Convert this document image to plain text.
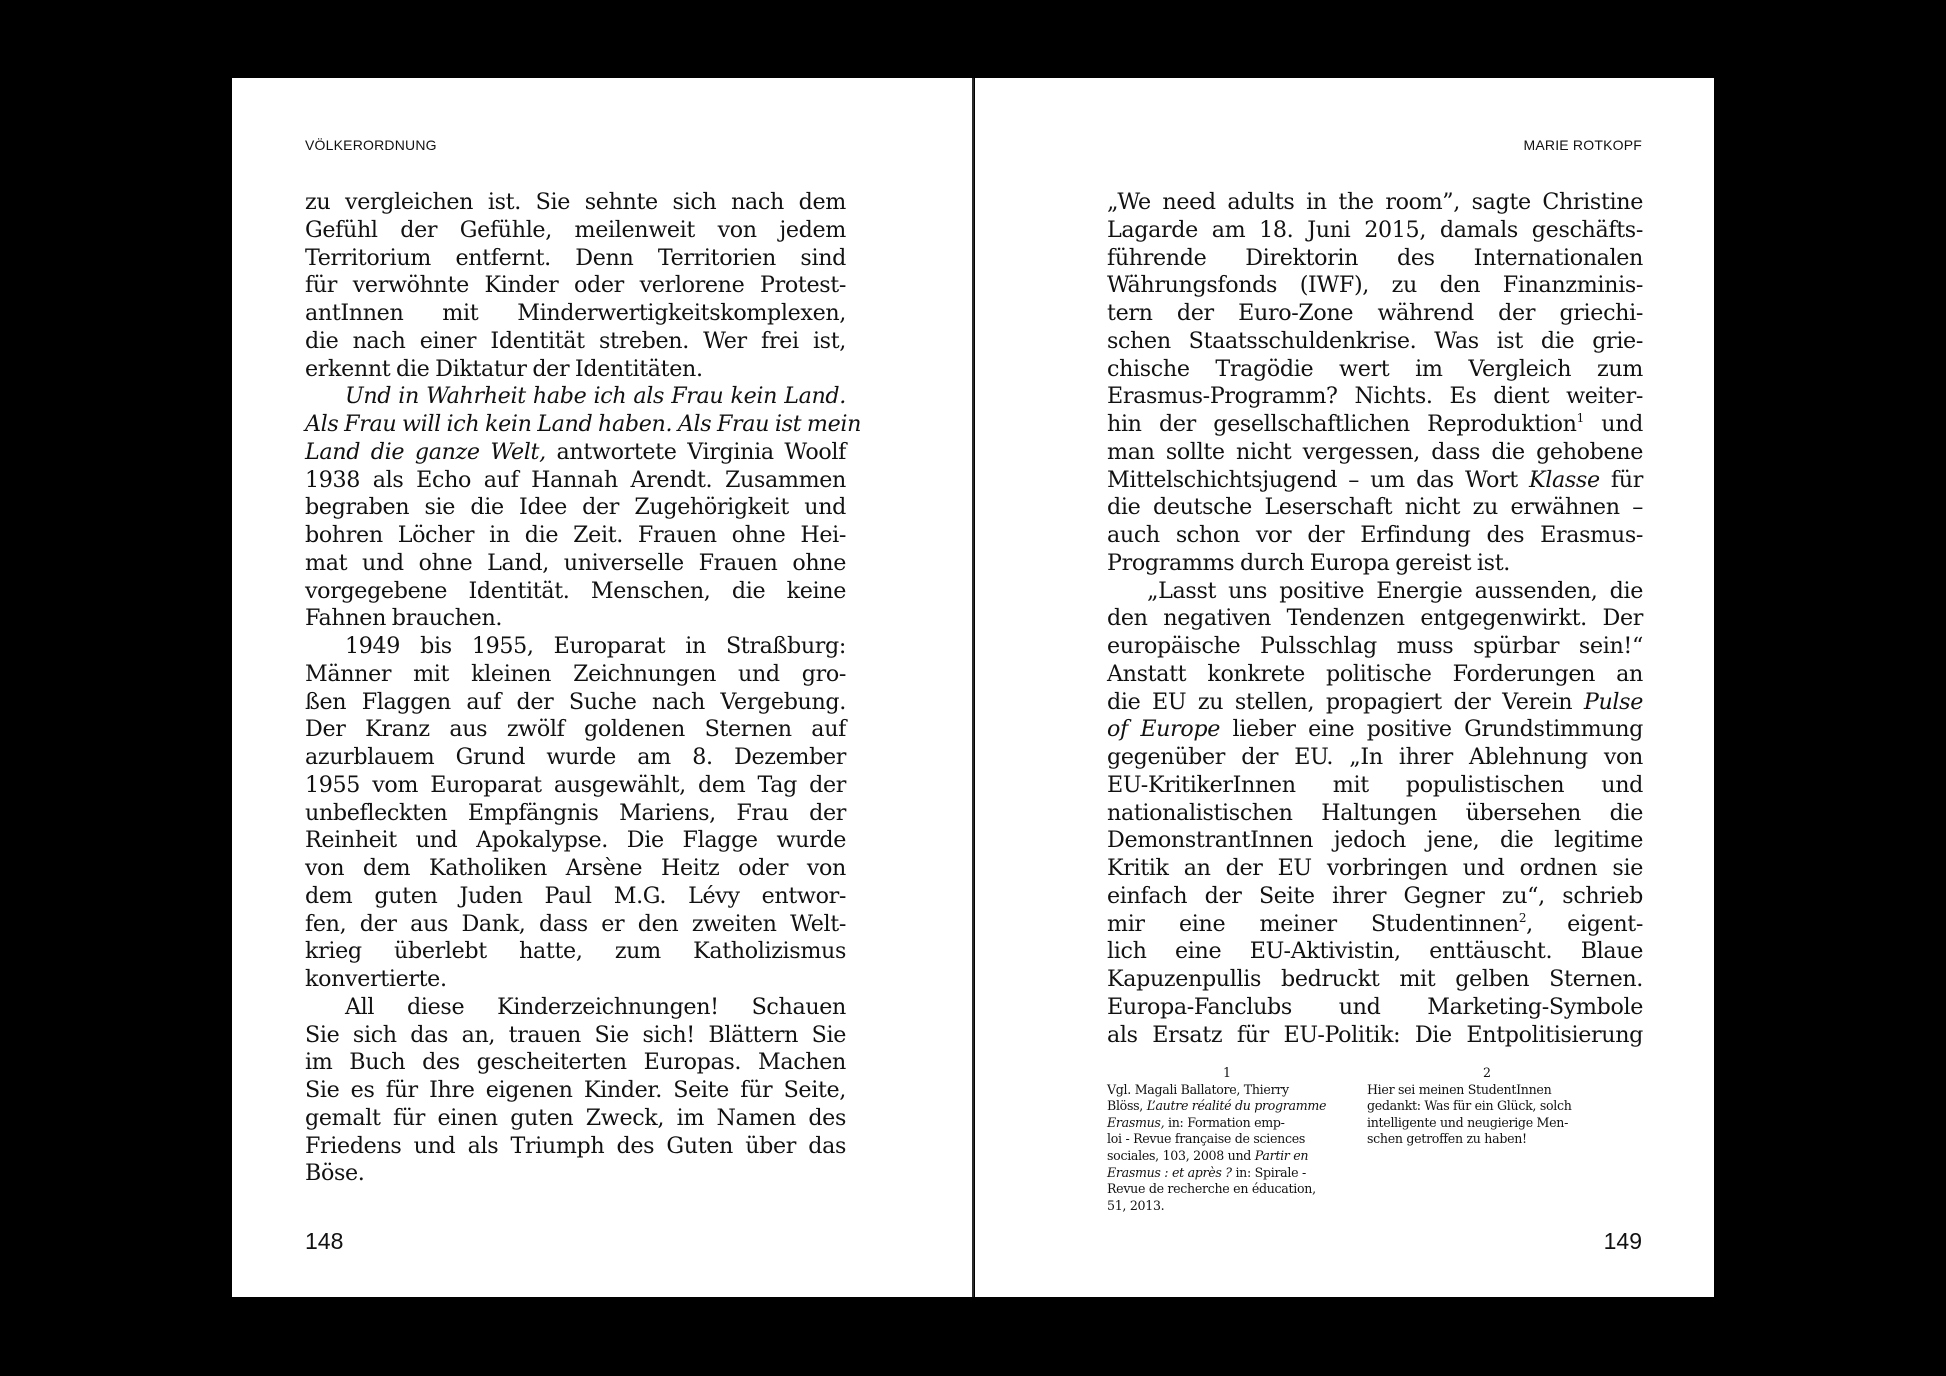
VÖLKERORDNUNG
zu vergleichen ist. Sie sehnte sich nach dem
Gefühl der Gefühle, meilenweit von jedem
Territorium entfernt. Denn Territorien sind
für verwöhnte Kinder oder verlorene Protest-
antInnen mit Minderwertigkeitskomplexen,
die nach einer Identität streben. Wer frei ist,
erkennt die Diktatur der Identitäten.
Und in Wahrheit habe ich als Frau kein Land.
Als Frau will ich kein Land haben. Als Frau ist mein
Land die ganze Welt, antwortete Virginia Woolf
1938 als Echo auf Hannah Arendt. Zusammen
begraben sie die Idee der Zugehörigkeit und
bohren Löcher in die Zeit. Frauen ohne Hei-
mat und ohne Land, universelle Frauen ohne
vorgegebene Identität. Menschen, die keine
Fahnen brauchen.
1949 bis 1955, Europarat in Straßburg:
Männer mit kleinen Zeichnungen und gro-
ßen Flaggen auf der Suche nach Vergebung.
Der Kranz aus zwölf goldenen Sternen auf
azurblauem Grund wurde am 8. Dezember
1955 vom Europarat ausgewählt, dem Tag der
unbefleckten Empfängnis Mariens, Frau der
Reinheit und Apokalypse. Die Flagge wurde
von dem Katholiken Arsène Heitz oder von
dem guten Juden Paul M.G. Lévy entwor-
fen, der aus Dank, dass er den zweiten Welt-
krieg überlebt hatte, zum Katholizismus
konvertierte.
All diese Kinderzeichnungen! Schauen
Sie sich das an, trauen Sie sich! Blättern Sie
im Buch des gescheiterten Europas. Machen
Sie es für Ihre eigenen Kinder. Seite für Seite,
gemalt für einen guten Zweck, im Namen des
Friedens und als Triumph des Guten über das
Böse.
148
MARIE ROTKOPF
„We need adults in the room”, sagte Christine
Lagarde am 18. Juni 2015, damals geschäfts-
führende Direktorin des Internationalen
Währungsfonds (IWF), zu den Finanzminis-
tern der Euro-Zone während der griechi-
schen Staatsschuldenkrise. Was ist die grie-
chische Tragödie wert im Vergleich zum
Erasmus-Programm? Nichts. Es dient weiter-
hin der gesellschaftlichen Reproduktion$^1$ und
man sollte nicht vergessen, dass die gehobene
Mittelschichtsjugend – um das Wort Klasse für
die deutsche Leserschaft nicht zu erwähnen –
auch schon vor der Erfindung des Erasmus-
Programms durch Europa gereist ist.
„Lasst uns positive Energie aussenden, die
den negativen Tendenzen entgegenwirkt. Der
europäische Pulsschlag muss spürbar sein!“
Anstatt konkrete politische Forderungen an
die EU zu stellen, propagiert der Verein Pulse
of Europe lieber eine positive Grundstimmung
gegenüber der EU. „In ihrer Ablehnung von
EU-KritikerInnen mit populistischen und
nationalistischen Haltungen übersehen die
DemonstrantInnen jedoch jene, die legitime
Kritik an der EU vorbringen und ordnen sie
einfach der Seite ihrer Gegner zu“, schrieb
mir eine meiner Studentinnen$^2$, eigent-
lich eine EU-Aktivistin, enttäuscht. Blaue
Kapuzenpullis bedruckt mit gelben Sternen.
Europa-Fanclubs und Marketing-Symbole
als Ersatz für EU-Politik: Die Entpolitisierung
1
Vgl. Magali Ballatore, Thierry
Blöss, L’autre réalité du programme
Erasmus, in: Formation emp-
loi - Revue française de sciences
sociales, 103, 2008 und Partir en
Erasmus : et après ? in: Spirale -
Revue de recherche en éducation,
51, 2013.
2
Hier sei meinen StudentInnen
gedankt: Was für ein Glück, solch
intelligente und neugierige Men-
schen getroffen zu haben!
149
